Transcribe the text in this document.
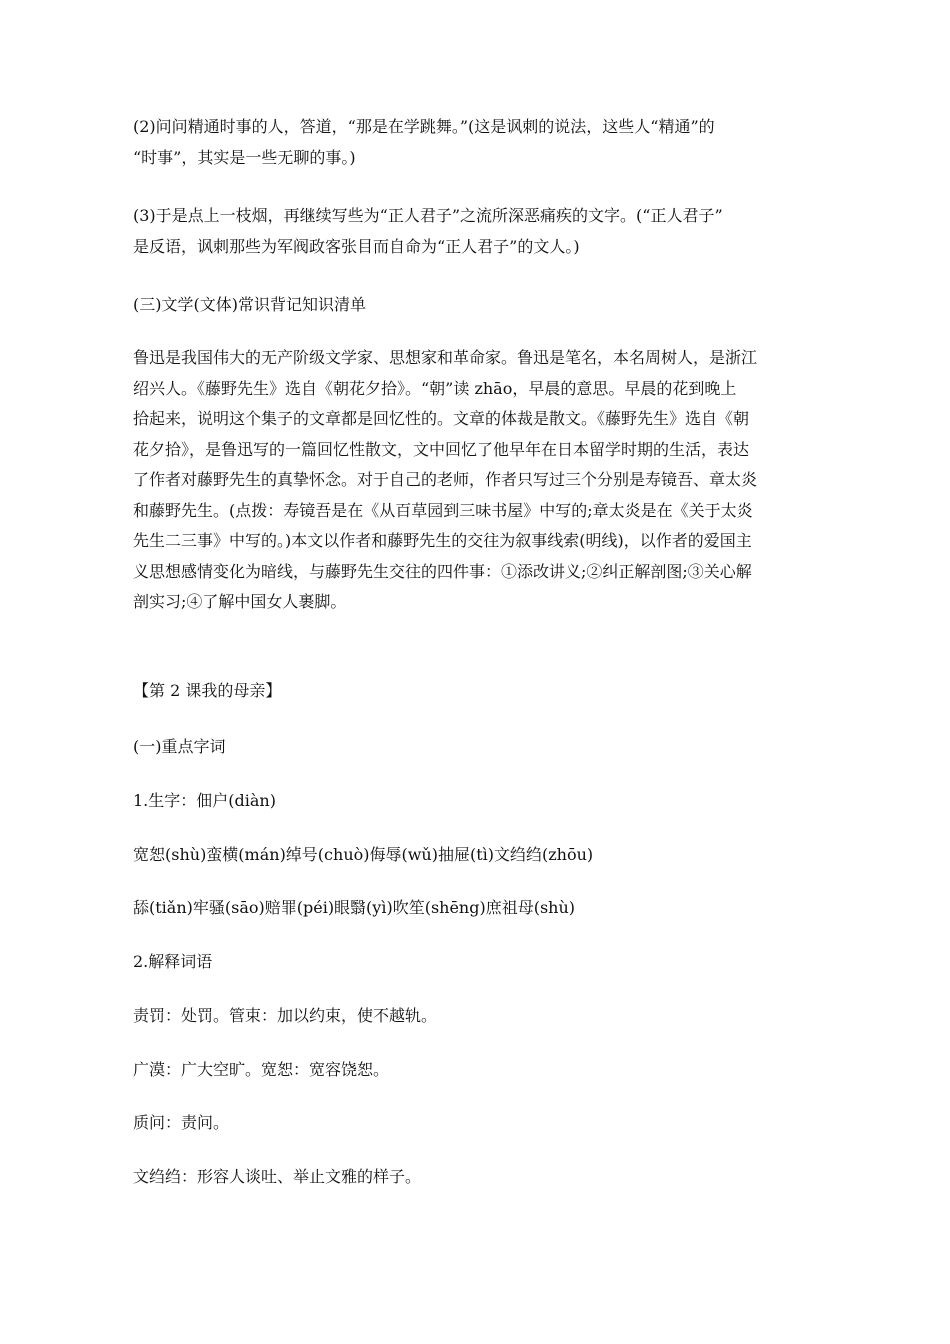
(2)问问精通时事的人，答道，“那是在学跳舞。”(这是讽刺的说法，这些人“精通”的
“时事”，其实是一些无聊的事。)
(3)于是点上一枝烟，再继续写些为“正人君子”之流所深恶痛疾的文字。(“正人君子”
是反语，讽刺那些为军阀政客张目而自命为“正人君子”的文人。)
(三)文学(文体)常识背记知识清单
鲁迅是我国伟大的无产阶级文学家、思想家和革命家。鲁迅是笔名，本名周树人，是浙江
绍兴人。《藤野先生》选自《朝花夕拾》。“朝”读 zhāo，早晨的意思。早晨的花到晚上
拾起来，说明这个集子的文章都是回忆性的。文章的体裁是散文。《藤野先生》选自《朝
花夕拾》，是鲁迅写的一篇回忆性散文，文中回忆了他早年在日本留学时期的生活，表达
了作者对藤野先生的真挚怀念。对于自己的老师，作者只写过三个分别是寿镜吾、章太炎
和藤野先生。(点拨：寿镜吾是在《从百草园到三味书屋》中写的;章太炎是在《关于太炎
先生二三事》中写的。)本文以作者和藤野先生的交往为叙事线索(明线)，以作者的爱国主
义思想感情变化为暗线，与藤野先生交往的四件事：①添改讲义;②纠正解剖图;③关心解
剖实习;④了解中国女人裹脚。
【第 2 课我的母亲】
(一)重点字词
1.生字：佃户(diàn)
宽恕(shù)蛮横(mán)绰号(chuò)侮辱(wǔ)抽屉(tì)文绉绉(zhōu)
舔(tiǎn)牢骚(sāo)赔罪(péi)眼翳(yì)吹笙(shēng)庶祖母(shù)
2.解释词语
责罚：处罚。管束：加以约束，使不越轨。
广漠：广大空旷。宽恕：宽容饶恕。
质问：责问。
文绉绉：形容人谈吐、举止文雅的样子。
